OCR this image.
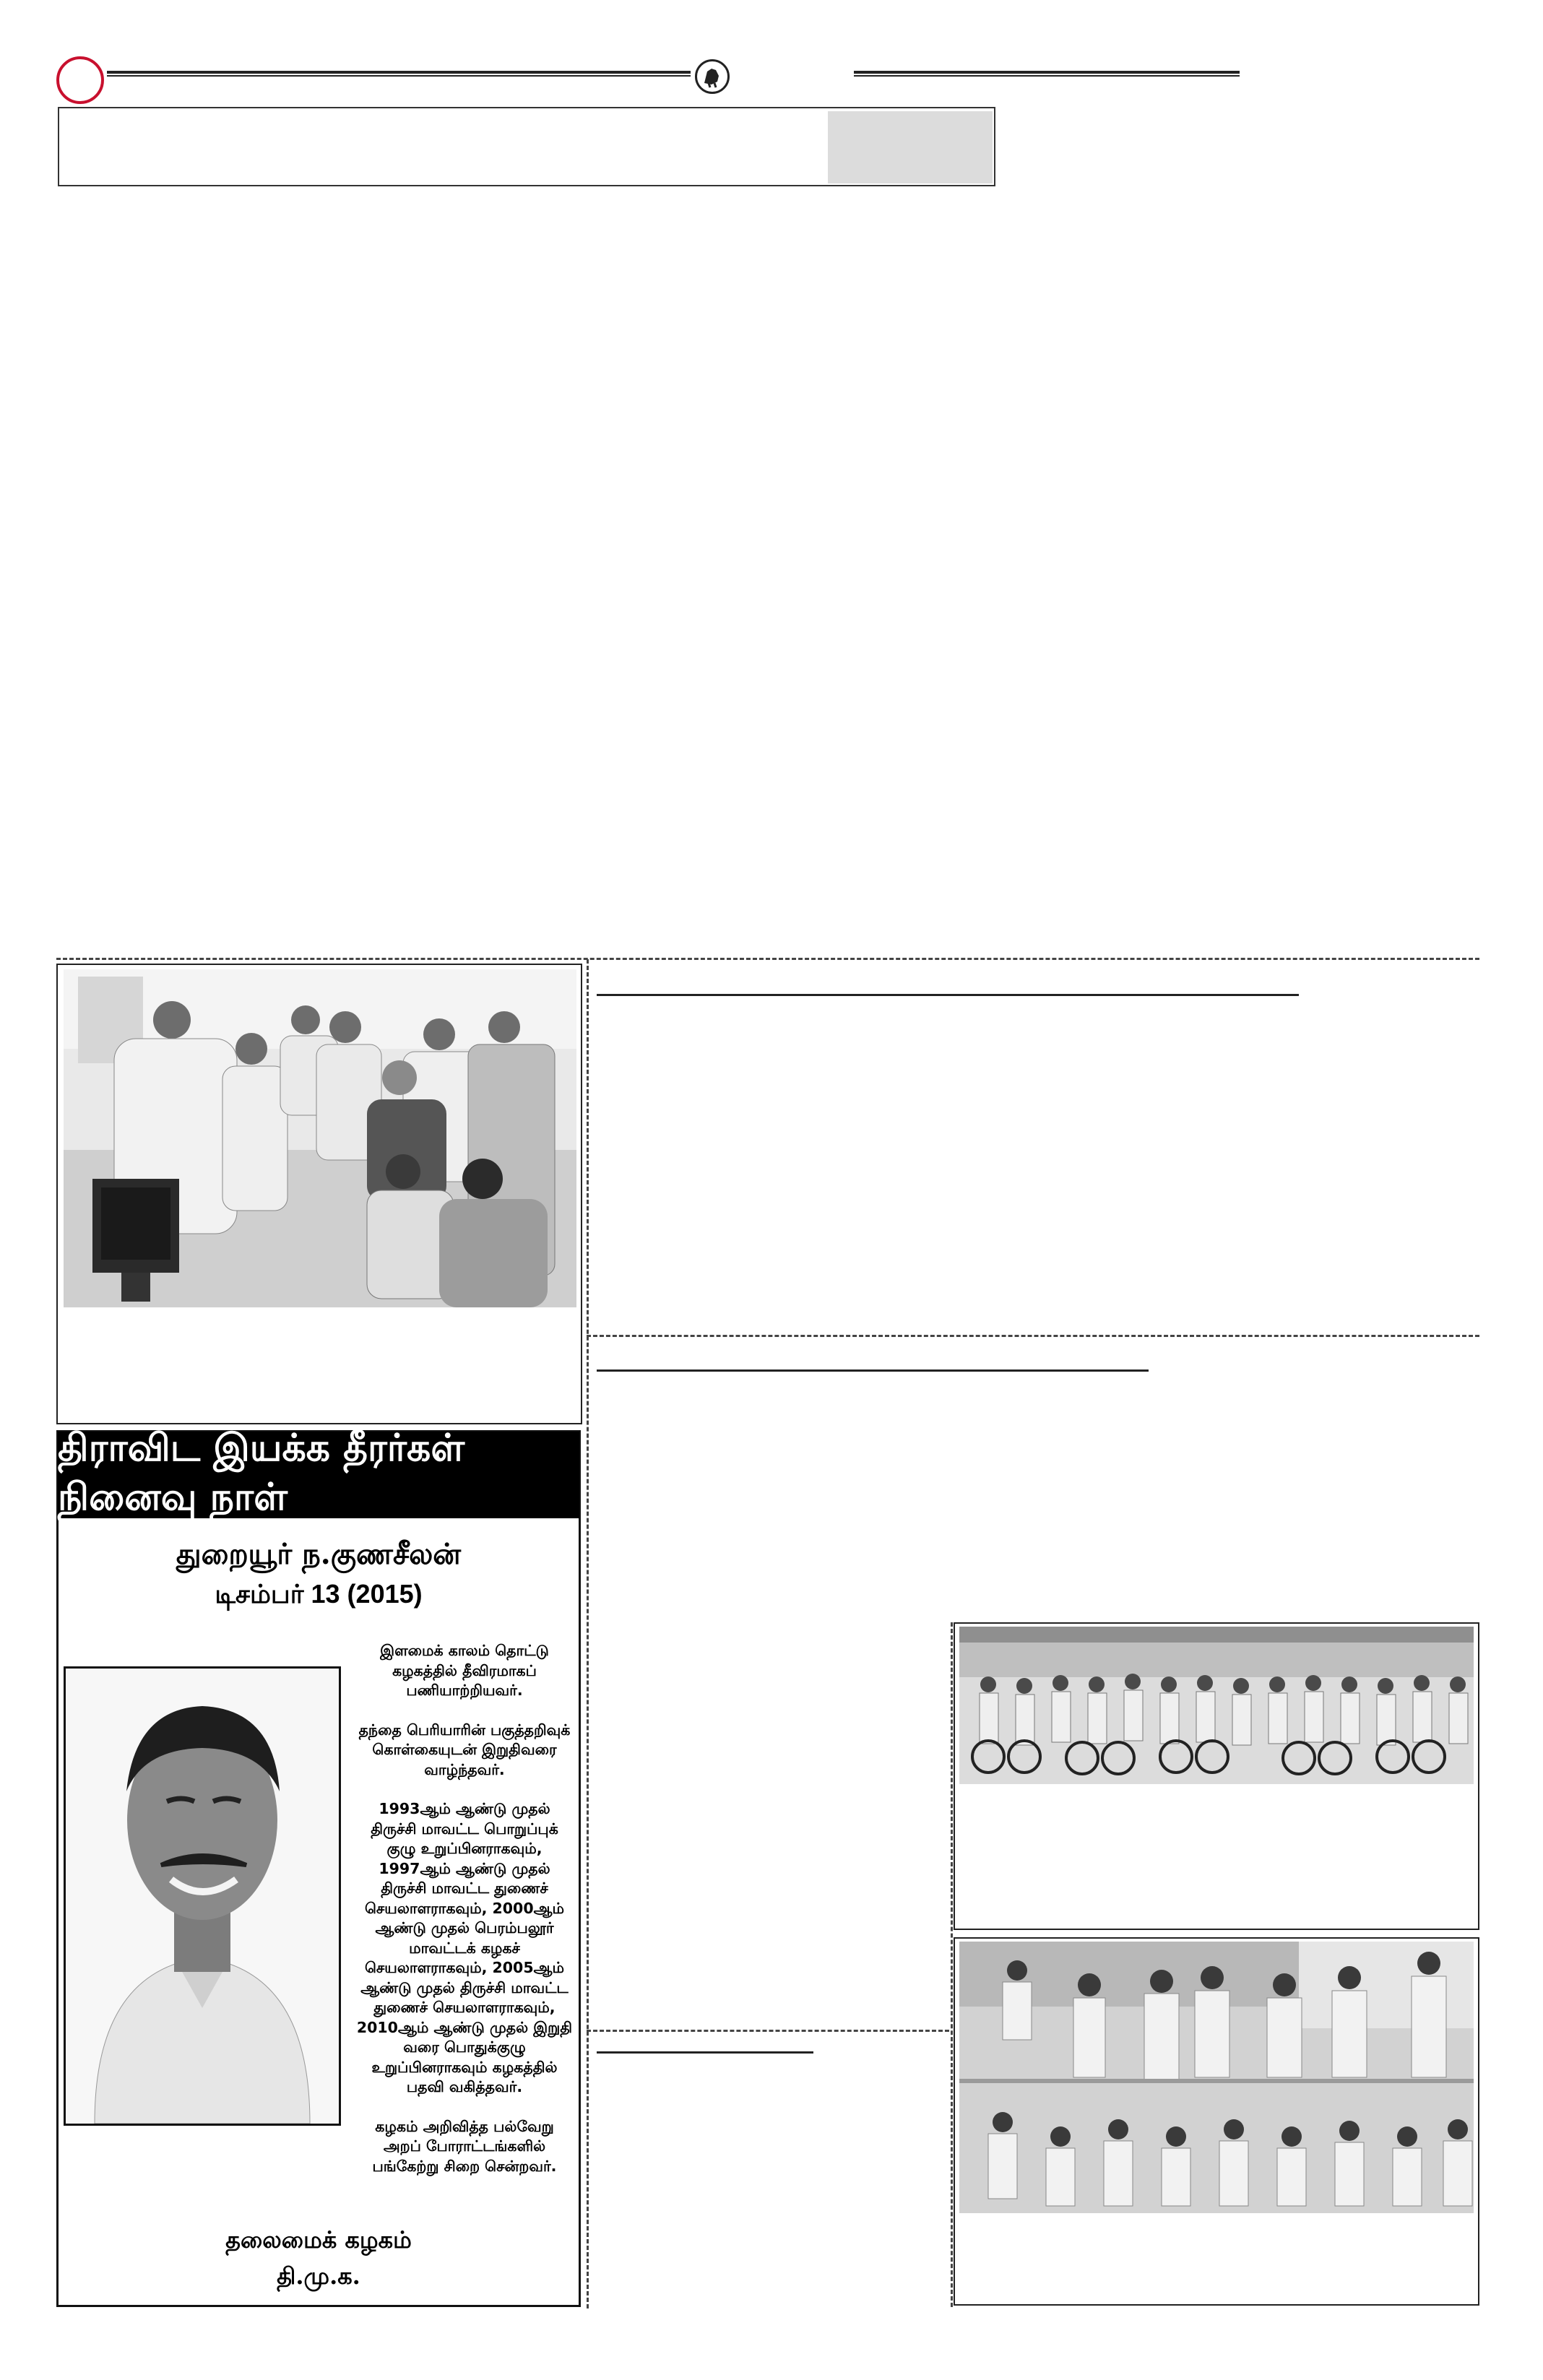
திராவிட இயக்க தீரர்கள் நினைவு நாள்
துறையூர் ந.குணசீலன்
டிசம்பர் 13 (2015)

இளமைக் காலம் தொட்டு கழகத்தில் தீவிரமாகப் பணியாற்றியவர்.

தந்தை பெரியாரின் பகுத்தறிவுக் கொள்கையுடன் இறுதிவரை வாழ்ந்தவர்.

1993ஆம் ஆண்டு முதல் திருச்சி மாவட்ட பொறுப்புக் குழு உறுப்பினராகவும், 1997ஆம் ஆண்டு முதல் திருச்சி மாவட்ட துணைச் செயலாளராகவும், 2000ஆம் ஆண்டு முதல் பெரம்பலூர் மாவட்டக் கழகச் செயலாளராகவும், 2005ஆம் ஆண்டு முதல் திருச்சி மாவட்ட துணைச் செயலாளராகவும், 2010ஆம் ஆண்டு முதல் இறுதி வரை பொதுக்குழு உறுப்பினராகவும் கழகத்தில் பதவி வகித்தவர்.

கழகம் அறிவித்த பல்வேறு அறப் போராட்டங்களில் பங்கேற்று சிறை சென்றவர்.

தலைமைக் கழகம்
தி.மு.க.
